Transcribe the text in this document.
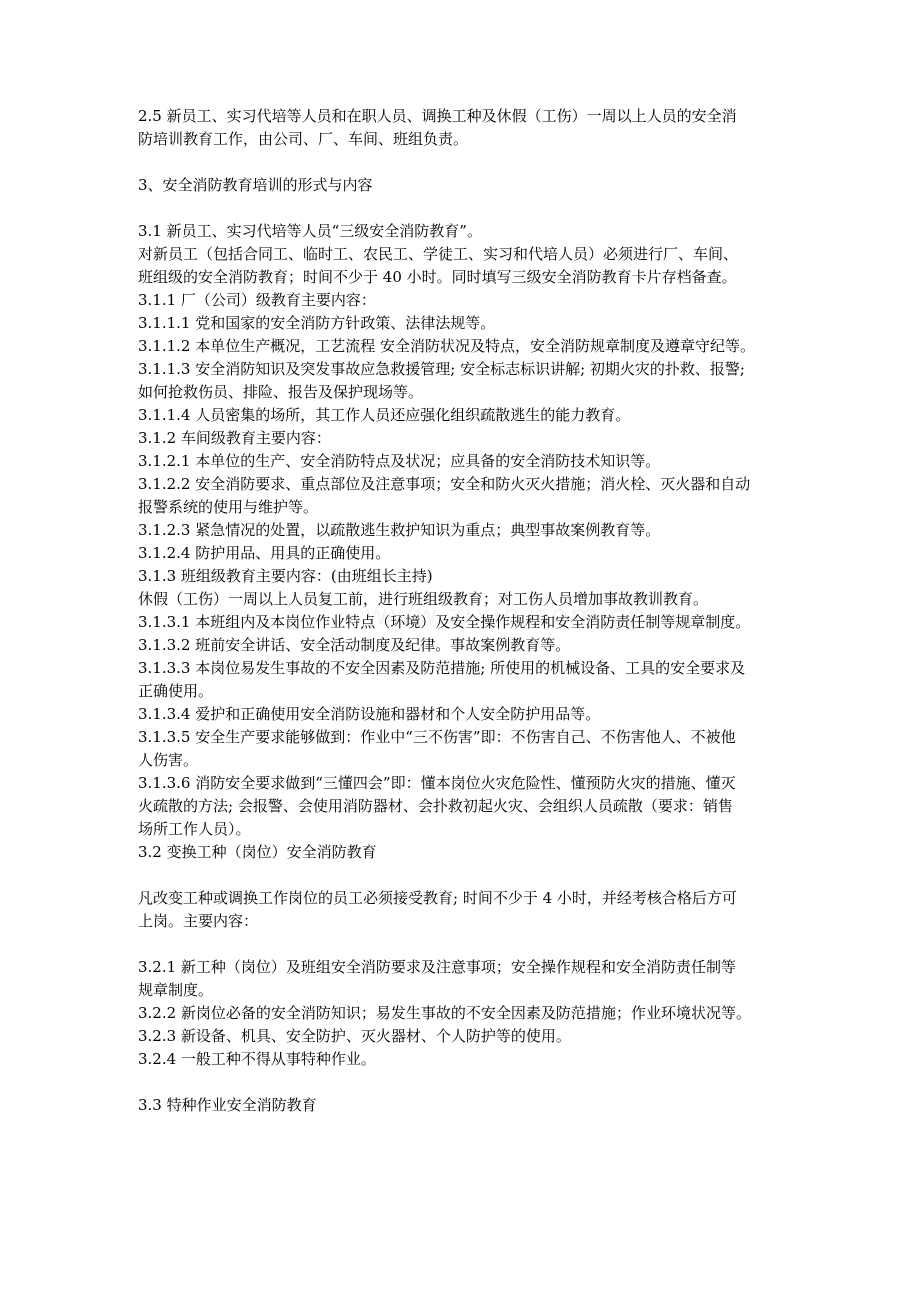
2.5 新员工、实习代培等人员和在职人员、调换工种及休假（工伤）一周以上人员的安全消
防培训教育工作，由公司、厂、车间、班组负责。
3、安全消防教育培训的形式与内容
3.1 新员工、实习代培等人员“三级安全消防教育”。
对新员工（包括合同工、临时工、农民工、学徒工、实习和代培人员）必须进行厂、车间、
班组级的安全消防教育；时间不少于 40 小时。同时填写三级安全消防教育卡片存档备查。
3.1.1 厂（公司）级教育主要内容：
3.1.1.1 党和国家的安全消防方针政策、法律法规等。
3.1.1.2 本单位生产概况，工艺流程 安全消防状况及特点，安全消防规章制度及遵章守纪等。
3.1.1.3 安全消防知识及突发事故应急救援管理; 安全标志标识讲解; 初期火灾的扑救、报警;
如何抢救伤员、排险、报告及保护现场等。
3.1.1.4 人员密集的场所，其工作人员还应强化组织疏散逃生的能力教育。
3.1.2 车间级教育主要内容：
3.1.2.1 本单位的生产、安全消防特点及状况；应具备的安全消防技术知识等。
3.1.2.2 安全消防要求、重点部位及注意事项；安全和防火灭火措施；消火栓、灭火器和自动
报警系统的使用与维护等。
3.1.2.3 紧急情况的处置，以疏散逃生救护知识为重点；典型事故案例教育等。
3.1.2.4 防护用品、用具的正确使用。
3.1.3 班组级教育主要内容：(由班组长主持)
休假（工伤）一周以上人员复工前，进行班组级教育；对工伤人员增加事故教训教育。
3.1.3.1 本班组内及本岗位作业特点（环境）及安全操作规程和安全消防责任制等规章制度。
3.1.3.2 班前安全讲话、安全活动制度及纪律。事故案例教育等。
3.1.3.3 本岗位易发生事故的不安全因素及防范措施; 所使用的机械设备、工具的安全要求及
正确使用。
3.1.3.4 爱护和正确使用安全消防设施和器材和个人安全防护用品等。
3.1.3.5 安全生产要求能够做到：作业中“三不伤害”即：不伤害自己、不伤害他人、不被他
人伤害。
3.1.3.6 消防安全要求做到“三懂四会”即：懂本岗位火灾危险性、懂预防火灾的措施、懂灭
火疏散的方法; 会报警、会使用消防器材、会扑救初起火灾、会组织人员疏散（要求：销售
场所工作人员）。
3.2 变换工种（岗位）安全消防教育
凡改变工种或调换工作岗位的员工必须接受教育; 时间不少于 4 小时，并经考核合格后方可
上岗。主要内容：
3.2.1 新工种（岗位）及班组安全消防要求及注意事项；安全操作规程和安全消防责任制等
规章制度。
3.2.2 新岗位必备的安全消防知识；易发生事故的不安全因素及防范措施；作业环境状况等。
3.2.3 新设备、机具、安全防护、灭火器材、个人防护等的使用。
3.2.4 一般工种不得从事特种作业。
3.3 特种作业安全消防教育
